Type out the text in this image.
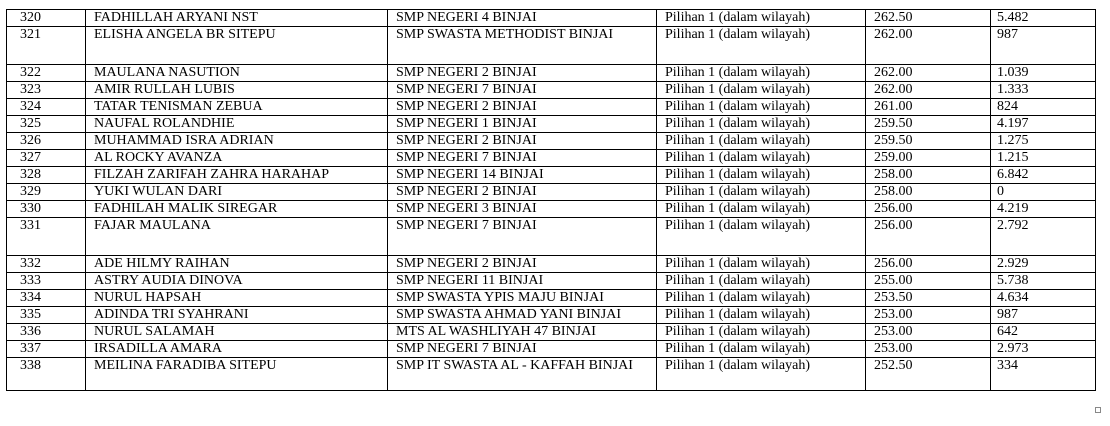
320	FADHILLAH ARYANI NST	SMP NEGERI 4 BINJAI	Pilihan 1 (dalam wilayah)	262.50	5.482
321	ELISHA ANGELA BR SITEPU	SMP SWASTA METHODIST BINJAI	Pilihan 1 (dalam wilayah)	262.00	987
322	MAULANA NASUTION	SMP NEGERI 2 BINJAI	Pilihan 1 (dalam wilayah)	262.00	1.039
323	AMIR RULLAH LUBIS	SMP NEGERI 7 BINJAI	Pilihan 1 (dalam wilayah)	262.00	1.333
324	TATAR TENISMAN ZEBUA	SMP NEGERI 2 BINJAI	Pilihan 1 (dalam wilayah)	261.00	824
325	NAUFAL ROLANDHIE	SMP NEGERI 1 BINJAI	Pilihan 1 (dalam wilayah)	259.50	4.197
326	MUHAMMAD ISRA ADRIAN	SMP NEGERI 2 BINJAI	Pilihan 1 (dalam wilayah)	259.50	1.275
327	AL ROCKY AVANZA	SMP NEGERI 7 BINJAI	Pilihan 1 (dalam wilayah)	259.00	1.215
328	FILZAH ZARIFAH ZAHRA HARAHAP	SMP NEGERI 14 BINJAI	Pilihan 1 (dalam wilayah)	258.00	6.842
329	YUKI WULAN DARI	SMP NEGERI 2 BINJAI	Pilihan 1 (dalam wilayah)	258.00	0
330	FADHILAH MALIK SIREGAR	SMP NEGERI 3 BINJAI	Pilihan 1 (dalam wilayah)	256.00	4.219
331	FAJAR MAULANA	SMP NEGERI 7 BINJAI	Pilihan 1 (dalam wilayah)	256.00	2.792
332	ADE HILMY RAIHAN	SMP NEGERI 2 BINJAI	Pilihan 1 (dalam wilayah)	256.00	2.929
333	ASTRY AUDIA DINOVA	SMP NEGERI 11 BINJAI	Pilihan 1 (dalam wilayah)	255.00	5.738
334	NURUL HAPSAH	SMP SWASTA YPIS MAJU BINJAI	Pilihan 1 (dalam wilayah)	253.50	4.634
335	ADINDA TRI SYAHRANI	SMP SWASTA AHMAD YANI BINJAI	Pilihan 1 (dalam wilayah)	253.00	987
336	NURUL SALAMAH	MTS AL WASHLIYAH 47 BINJAI	Pilihan 1 (dalam wilayah)	253.00	642
337	IRSADILLA AMARA	SMP NEGERI 7 BINJAI	Pilihan 1 (dalam wilayah)	253.00	2.973
338	MEILINA FARADIBA SITEPU	SMP IT SWASTA AL - KAFFAH BINJAI	Pilihan 1 (dalam wilayah)	252.50	334
